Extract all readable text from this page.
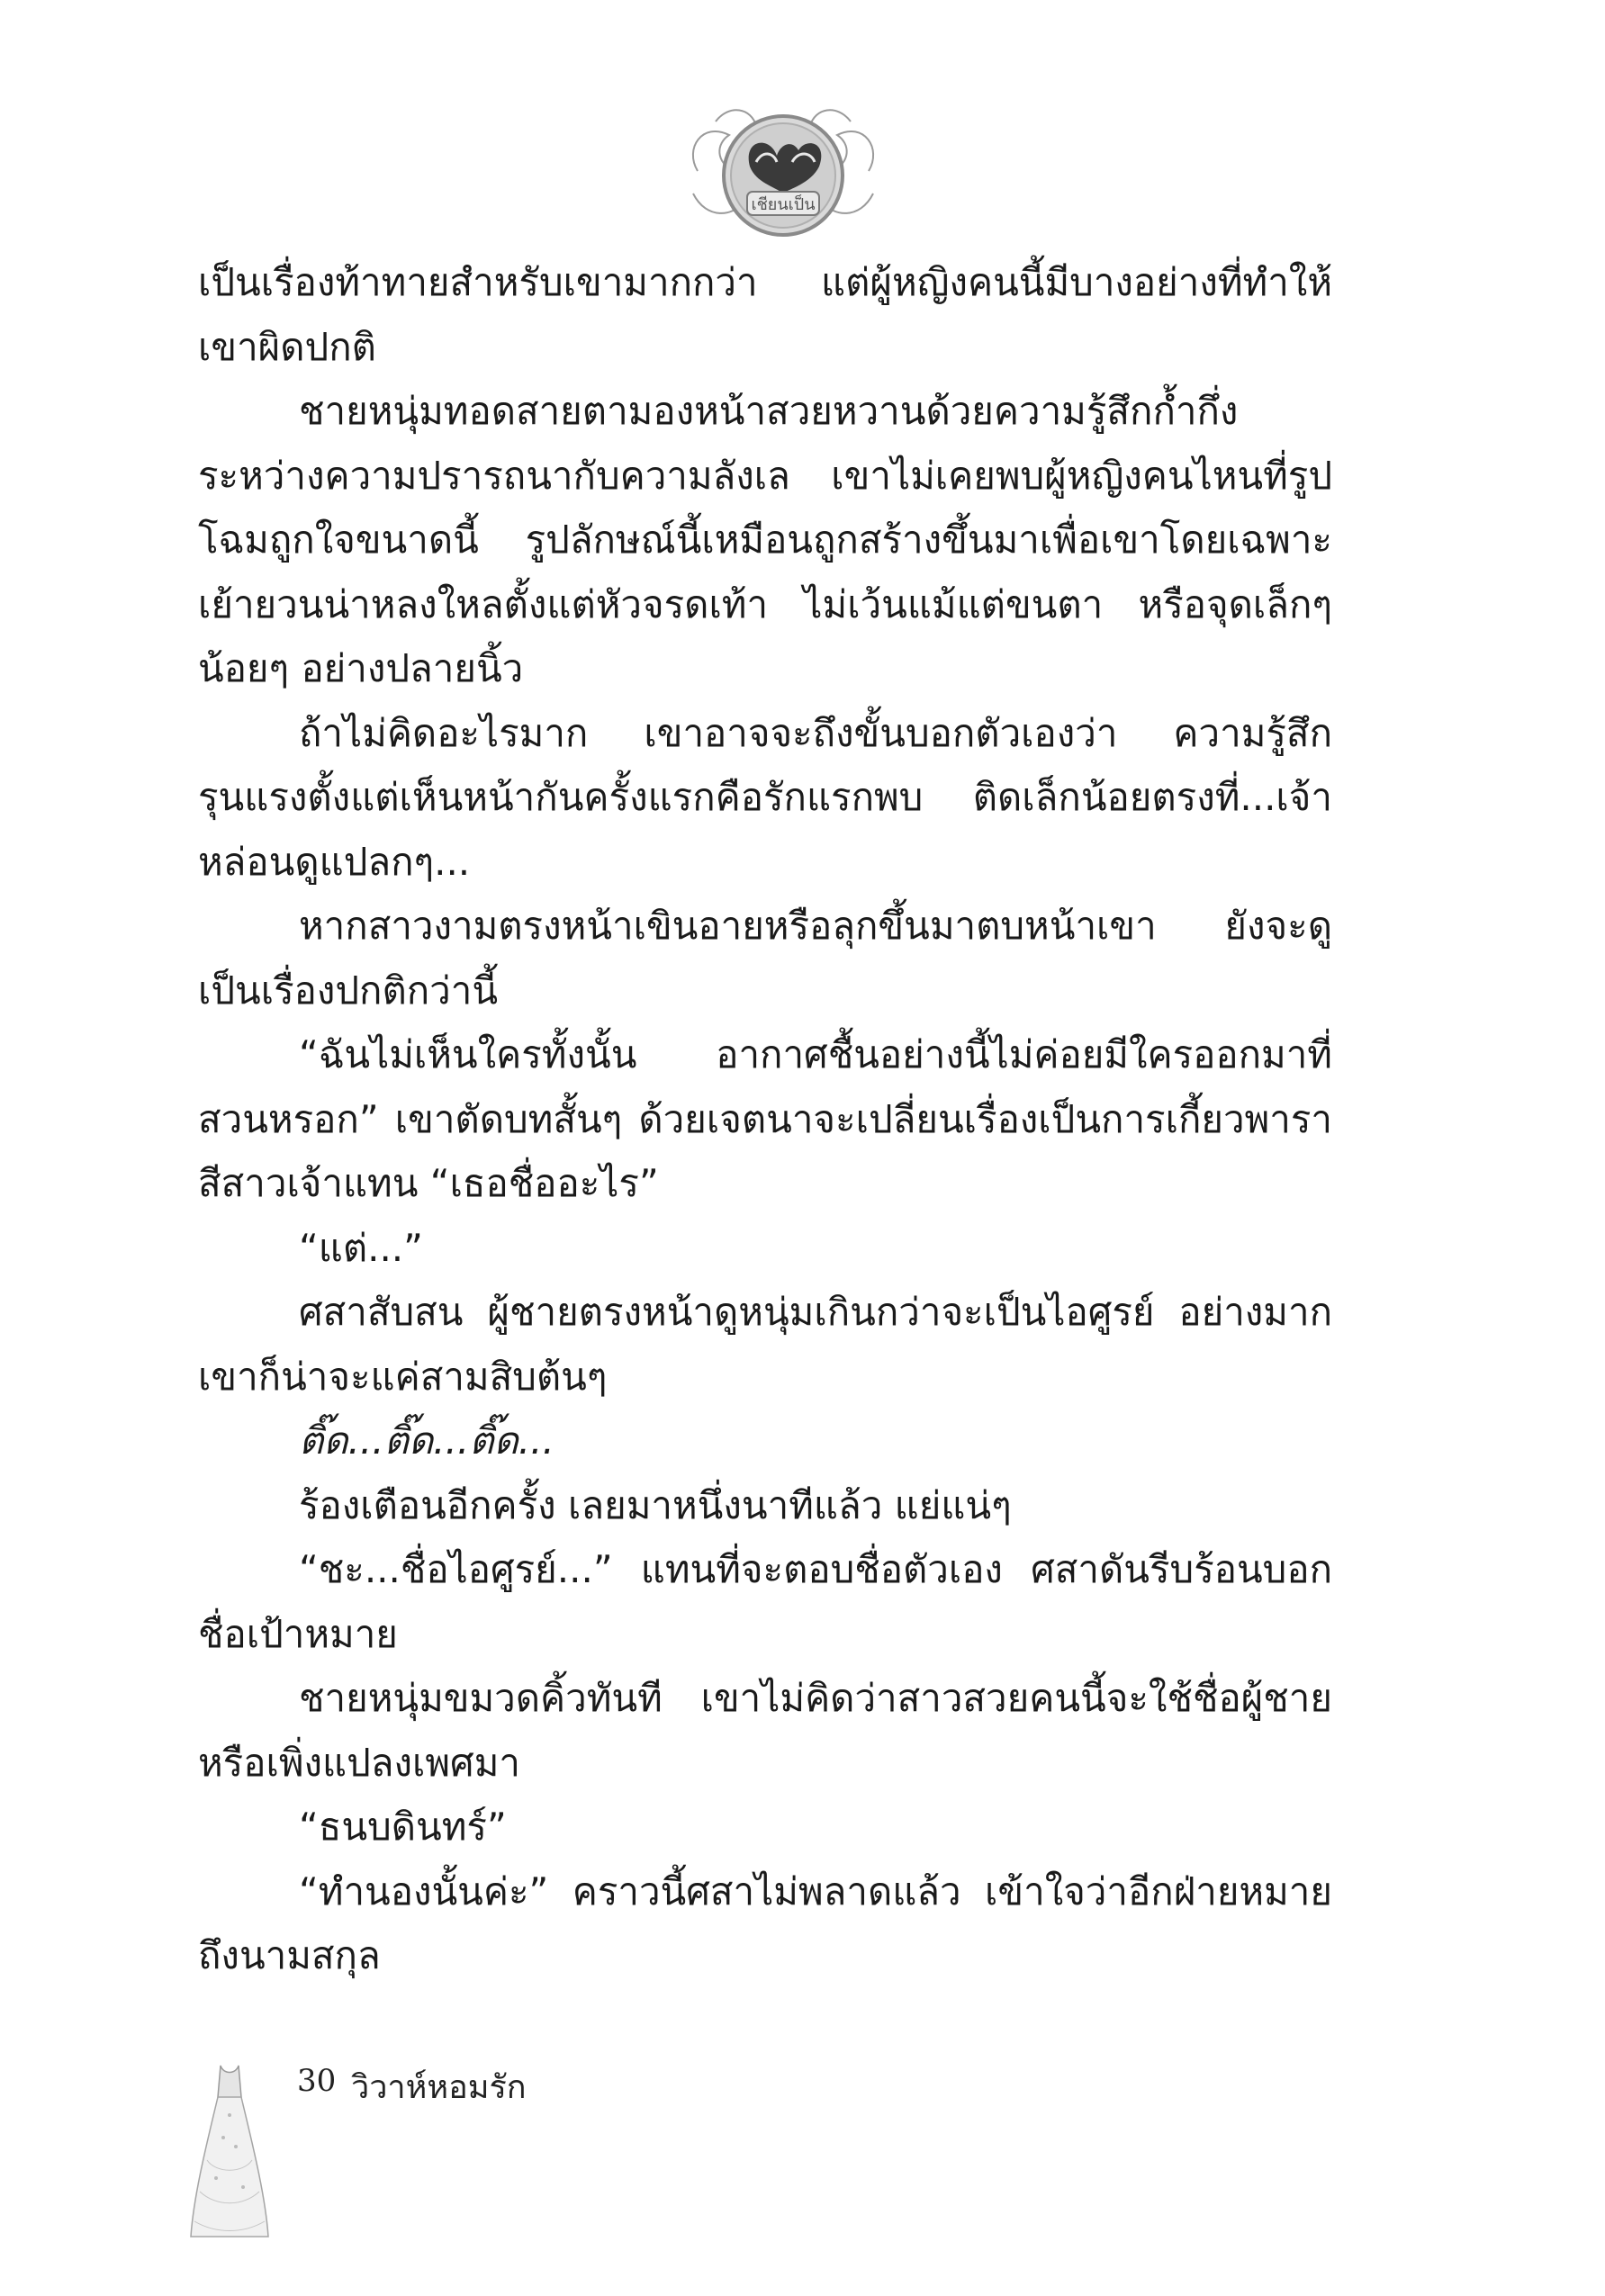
เชียนเป็น

เป็นเรื่องท้าทายสำหรับเขามากกว่า แต่ผู้หญิงคนนี้มีบางอย่างที่ทำให้เขาผิดปกติ

ชายหนุ่มทอดสายตามองหน้าสวยหวานด้วยความรู้สึกก้ำกึ่งระหว่างความปรารถนากับความลังเล เขาไม่เคยพบผู้หญิงคนไหนที่รูปโฉมถูกใจขนาดนี้ รูปลักษณ์นี้เหมือนถูกสร้างขึ้นมาเพื่อเขาโดยเฉพาะ เย้ายวนน่าหลงใหลตั้งแต่หัวจรดเท้า ไม่เว้นแม้แต่ขนตา หรือจุดเล็กๆ น้อยๆ อย่างปลายนิ้ว

ถ้าไม่คิดอะไรมาก เขาอาจจะถึงขั้นบอกตัวเองว่า ความรู้สึกรุนแรงตั้งแต่เห็นหน้ากันครั้งแรกคือรักแรกพบ ติดเล็กน้อยตรงที่...เจ้าหล่อนดูแปลกๆ...

หากสาวงามตรงหน้าเขินอายหรือลุกขึ้นมาตบหน้าเขา ยังจะดูเป็นเรื่องปกติกว่านี้

“ฉันไม่เห็นใครทั้งนั้น อากาศชื้นอย่างนี้ไม่ค่อยมีใครออกมาที่สวนหรอก” เขาตัดบทสั้นๆ ด้วยเจตนาจะเปลี่ยนเรื่องเป็นการเกี้ยวพาราสีสาวเจ้าแทน “เธอชื่ออะไร”

“แต่...”

ศสาสับสน ผู้ชายตรงหน้าดูหนุ่มเกินกว่าจะเป็นไอศูรย์ อย่างมากเขาก็น่าจะแค่สามสิบต้นๆ

ติ๊ด...ติ๊ด...ติ๊ด...

ร้องเตือนอีกครั้ง เลยมาหนึ่งนาทีแล้ว แย่แน่ๆ

“ชะ...ชื่อไอศูรย์...” แทนที่จะตอบชื่อตัวเอง ศสาดันรีบร้อนบอกชื่อเป้าหมาย

ชายหนุ่มขมวดคิ้วทันที เขาไม่คิดว่าสาวสวยคนนี้จะใช้ชื่อผู้ชายหรือเพิ่งแปลงเพศมา

“ธนบดินทร์”

“ทำนองนั้นค่ะ” คราวนี้ศสาไม่พลาดแล้ว เข้าใจว่าอีกฝ่ายหมายถึงนามสกุล

30 วิวาห์หอมรัก
